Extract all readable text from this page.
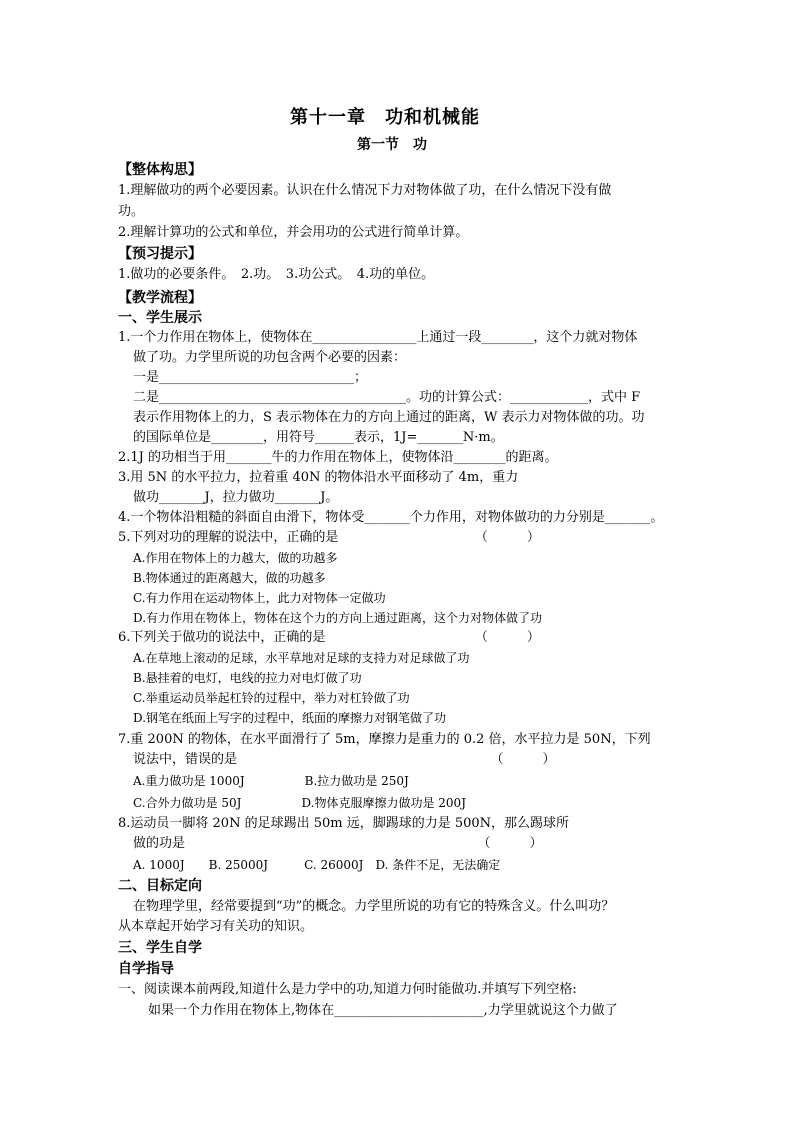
第十一章　功和机械能
第一节　功
【整体构思】
1.理解做功的两个必要因素。认识在什么情况下力对物体做了功，在什么情况下没有做
功。
2.理解计算功的公式和单位，并会用功的公式进行简单计算。
【预习提示】
1.做功的必要条件。　2.功。　3.功公式。　4.功的单位。
【教学流程】
一、学生展示
1.一个力作用在物体上，使物体在________________上通过一段________，这个力就对物体
做了功。力学里所说的功包含两个必要的因素：
一是______________________________；
二是______________________________________。功的计算公式：____________，式中 F
表示作用物体上的力，S 表示物体在力的方向上通过的距离，W 表示力对物体做的功。功
的国际单位是________，用符号______表示，1J=_______N·m。
2.1J 的功相当于用_______牛的力作用在物体上，使物体沿________的距离。
3.用 5N 的水平拉力，拉着重 40N 的物体沿水平面移动了 4m，重力
做功_______J，拉力做功_______J。
4.一个物体沿粗糙的斜面自由滑下，物体受_______个力作用，对物体做功的力分别是_______。
5.下列对功的理解的说法中，正确的是　　　　　　　　　　　（　　　）
A.作用在物体上的力越大，做的功越多
B.物体通过的距离越大，做的功越多
C.有力作用在运动物体上，此力对物体一定做功
D.有力作用在物体上，物体在这个力的方向上通过距离，这个力对物体做了功
6.下列关于做功的说法中，正确的是　　　　　　　　　　　　（　　　）
A.在草地上滚动的足球，水平草地对足球的支持力对足球做了功
B.悬挂着的电灯，电线的拉力对电灯做了功
C.举重运动员举起杠铃的过程中，举力对杠铃做了功
D.钢笔在纸面上写字的过程中，纸面的摩擦力对钢笔做了功
7.重 200N 的物体，在水平面滑行了 5m，摩擦力是重力的 0.2 倍，水平拉力是 50N，下列
说法中，错误的是　　　　　　　　　　　　　　　　　　　　（　　　）
A.重力做功是 1000J　　　　　B.拉力做功是 250J
C.合外力做功是 50J　　　　　D.物体克服摩擦力做功是 200J
8.运动员一脚将 20N 的足球踢出 50m 远，脚踢球的力是 500N，那么踢球所
做的功是　　　　　　　　　　　　　　　　　　　　　　　（　　　）
A. 1000J　　B. 25000J　　　C. 26000J　D. 条件不足，无法确定
二、目标定向
在物理学里，经常要提到“功”的概念。力学里所说的功有它的特殊含义。什么叫功？
从本章起开始学习有关功的知识。
三、学生自学
自学指导
一、阅读课本前两段,知道什么是力学中的功,知道力何时能做功.并填写下列空格:
如果一个力作用在物体上,物体在_______________________,力学里就说这个力做了
